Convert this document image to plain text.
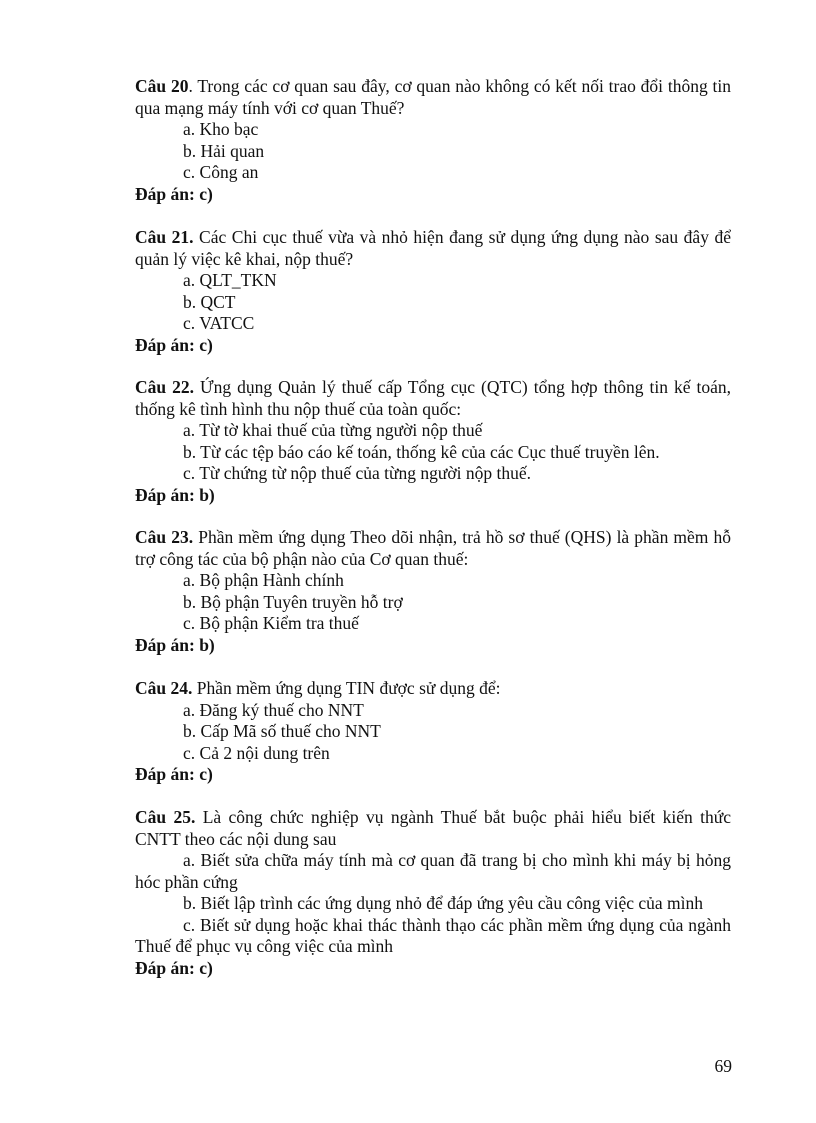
Câu 20. Trong các cơ quan sau đây, cơ quan nào không có kết nối trao đổi thông tin qua mạng máy tính với cơ quan Thuế?

a. Kho bạc

b. Hải quan

c. Công an

Đáp án: c)

Câu 21. Các Chi cục thuế vừa và nhỏ hiện đang sử dụng ứng dụng nào sau đây để quản lý việc kê khai, nộp thuế?

a. QLT_TKN

b. QCT

c. VATCC

Đáp án: c)

Câu 22. Ứng dụng Quản lý thuế cấp Tổng cục (QTC) tổng hợp thông tin kế toán, thống kê tình hình thu nộp thuế của toàn quốc:

a. Từ tờ khai thuế của từng người nộp thuế

b. Từ các tệp báo cáo kế toán, thống kê của các Cục thuế truyền lên.

c. Từ chứng từ nộp thuế của từng người nộp thuế.

Đáp án: b)

Câu 23. Phần mềm ứng dụng Theo dõi nhận, trả hồ sơ thuế (QHS) là phần mềm hỗ trợ công tác của bộ phận nào của Cơ quan thuế:

a. Bộ phận Hành chính

b. Bộ phận Tuyên truyền hỗ trợ

c. Bộ phận Kiểm tra thuế

Đáp án: b)

Câu 24. Phần mềm ứng dụng TIN được sử dụng để:

a. Đăng ký thuế cho NNT

b. Cấp Mã số thuế cho NNT

c. Cả 2 nội dung trên

Đáp án: c)

Câu 25. Là công chức nghiệp vụ ngành Thuế bắt buộc phải hiểu biết kiến thức CNTT theo các nội dung sau

a. Biết sửa chữa máy tính mà cơ quan đã trang bị cho mình khi máy bị hỏng hóc phần cứng

b. Biết lập trình các ứng dụng nhỏ để đáp ứng yêu cầu công việc của mình

c. Biết sử dụng hoặc khai thác thành thạo các phần mềm ứng dụng của ngành Thuế để phục vụ công việc của mình

Đáp án: c)

69
